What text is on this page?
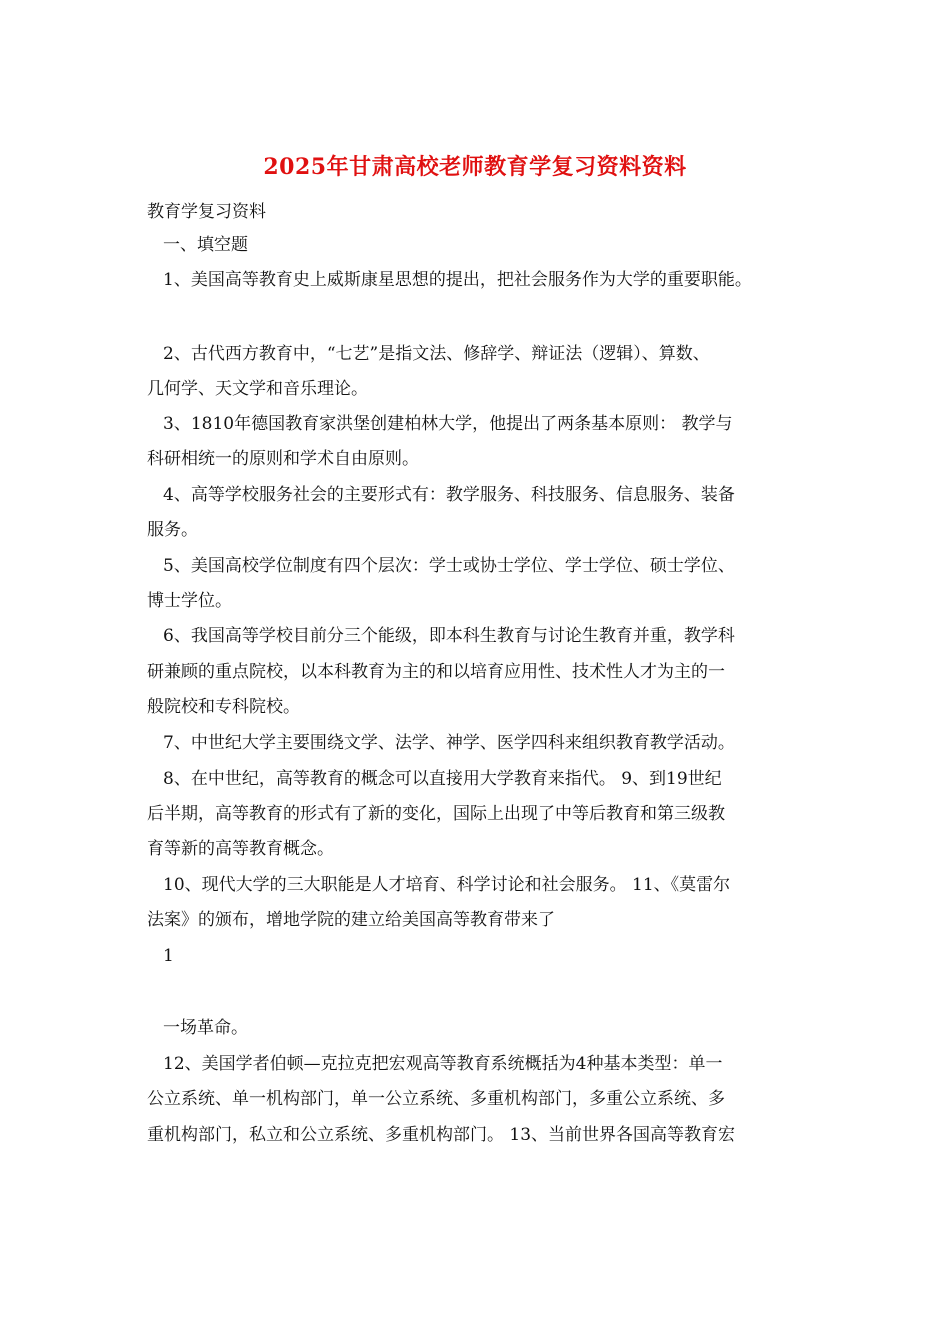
2025年甘肃高校老师教育学复习资料资料
教育学复习资料
一、填空题
1、美国高等教育史上威斯康星思想的提出，把社会服务作为大学的重要职能。
2、古代西方教育中，“七艺”是指文法、修辞学、辩证法（逻辑）、算数、
几何学、天文学和音乐理论。
3、1810年德国教育家洪堡创建柏林大学，他提出了两条基本原则： 教学与
科研相统一的原则和学术自由原则。
4、高等学校服务社会的主要形式有：教学服务、科技服务、信息服务、装备
服务。
5、美国高校学位制度有四个层次：学士或协士学位、学士学位、硕士学位、
博士学位。
6、我国高等学校目前分三个能级，即本科生教育与讨论生教育并重，教学科
研兼顾的重点院校，以本科教育为主的和以培育应用性、技术性人才为主的一
般院校和专科院校。
7、中世纪大学主要围绕文学、法学、神学、医学四科来组织教育教学活动。
8、在中世纪，高等教育的概念可以直接用大学教育来指代。 9、到19世纪
后半期，高等教育的形式有了新的变化，国际上出现了中等后教育和第三级教
育等新的高等教育概念。
10、现代大学的三大职能是人才培育、科学讨论和社会服务。 11、《莫雷尔
法案》的颁布，增地学院的建立给美国高等教育带来了
1
一场革命。
12、美国学者伯顿—克拉克把宏观高等教育系统概括为4种基本类型：单一
公立系统、单一机构部门，单一公立系统、多重机构部门，多重公立系统、多
重机构部门，私立和公立系统、多重机构部门。 13、当前世界各国高等教育宏
